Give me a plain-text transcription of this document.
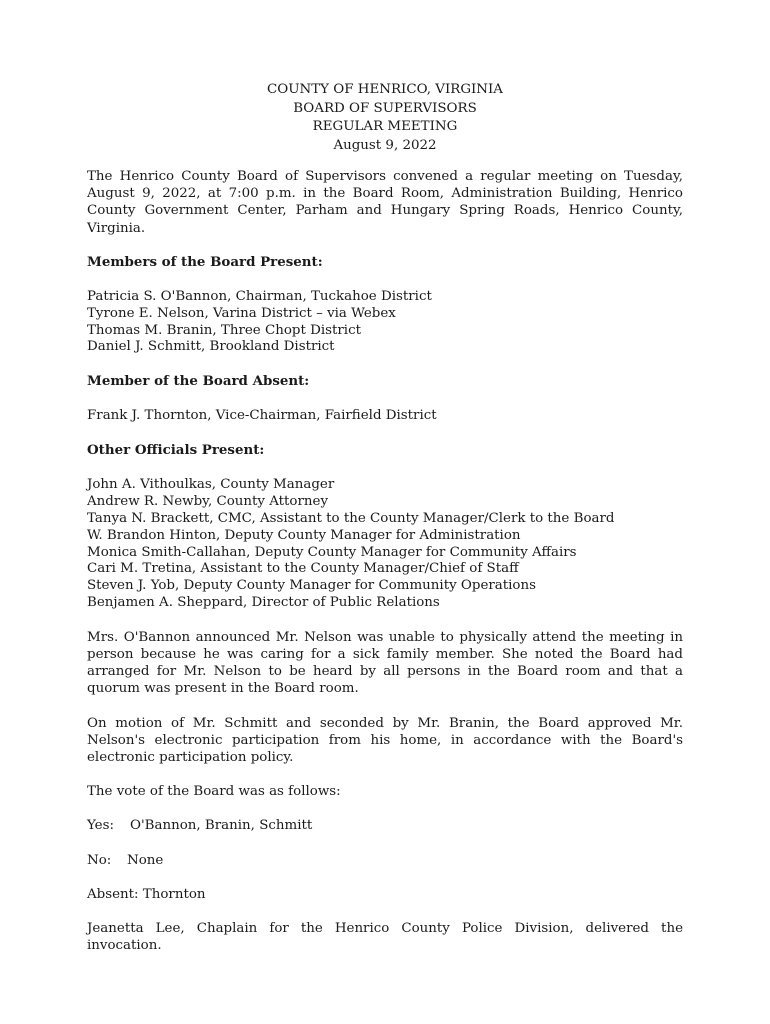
COUNTY OF HENRICO, VIRGINIA
BOARD OF SUPERVISORS
REGULAR MEETING
August 9, 2022

The Henrico County Board of Supervisors convened a regular meeting on Tuesday, August 9, 2022, at 7:00 p.m. in the Board Room, Administration Building, Henrico County Government Center, Parham and Hungary Spring Roads, Henrico County, Virginia.

Members of the Board Present:
Patricia S. O'Bannon, Chairman, Tuckahoe District
Tyrone E. Nelson, Varina District – via Webex
Thomas M. Branin, Three Chopt District
Daniel J. Schmitt, Brookland District
Member of the Board Absent:
Frank J. Thornton, Vice-Chairman, Fairfield District
Other Officials Present:
John A. Vithoulkas, County Manager
Andrew R. Newby, County Attorney
Tanya N. Brackett, CMC, Assistant to the County Manager/Clerk to the Board
W. Brandon Hinton, Deputy County Manager for Administration
Monica Smith-Callahan, Deputy County Manager for Community Affairs
Cari M. Tretina, Assistant to the County Manager/Chief of Staff
Steven J. Yob, Deputy County Manager for Community Operations
Benjamen A. Sheppard, Director of Public Relations

Mrs. O'Bannon announced Mr. Nelson was unable to physically attend the meeting in person because he was caring for a sick family member. She noted the Board had arranged for Mr. Nelson to be heard by all persons in the Board room and that a quorum was present in the Board room.

On motion of Mr. Schmitt and seconded by Mr. Branin, the Board approved Mr. Nelson's electronic participation from his home, in accordance with the Board's electronic participation policy.

The vote of the Board was as follows:

Yes: O'Bannon, Branin, Schmitt
No: None
Absent: Thornton

Jeanetta Lee, Chaplain for the Henrico County Police Division, delivered the invocation.
